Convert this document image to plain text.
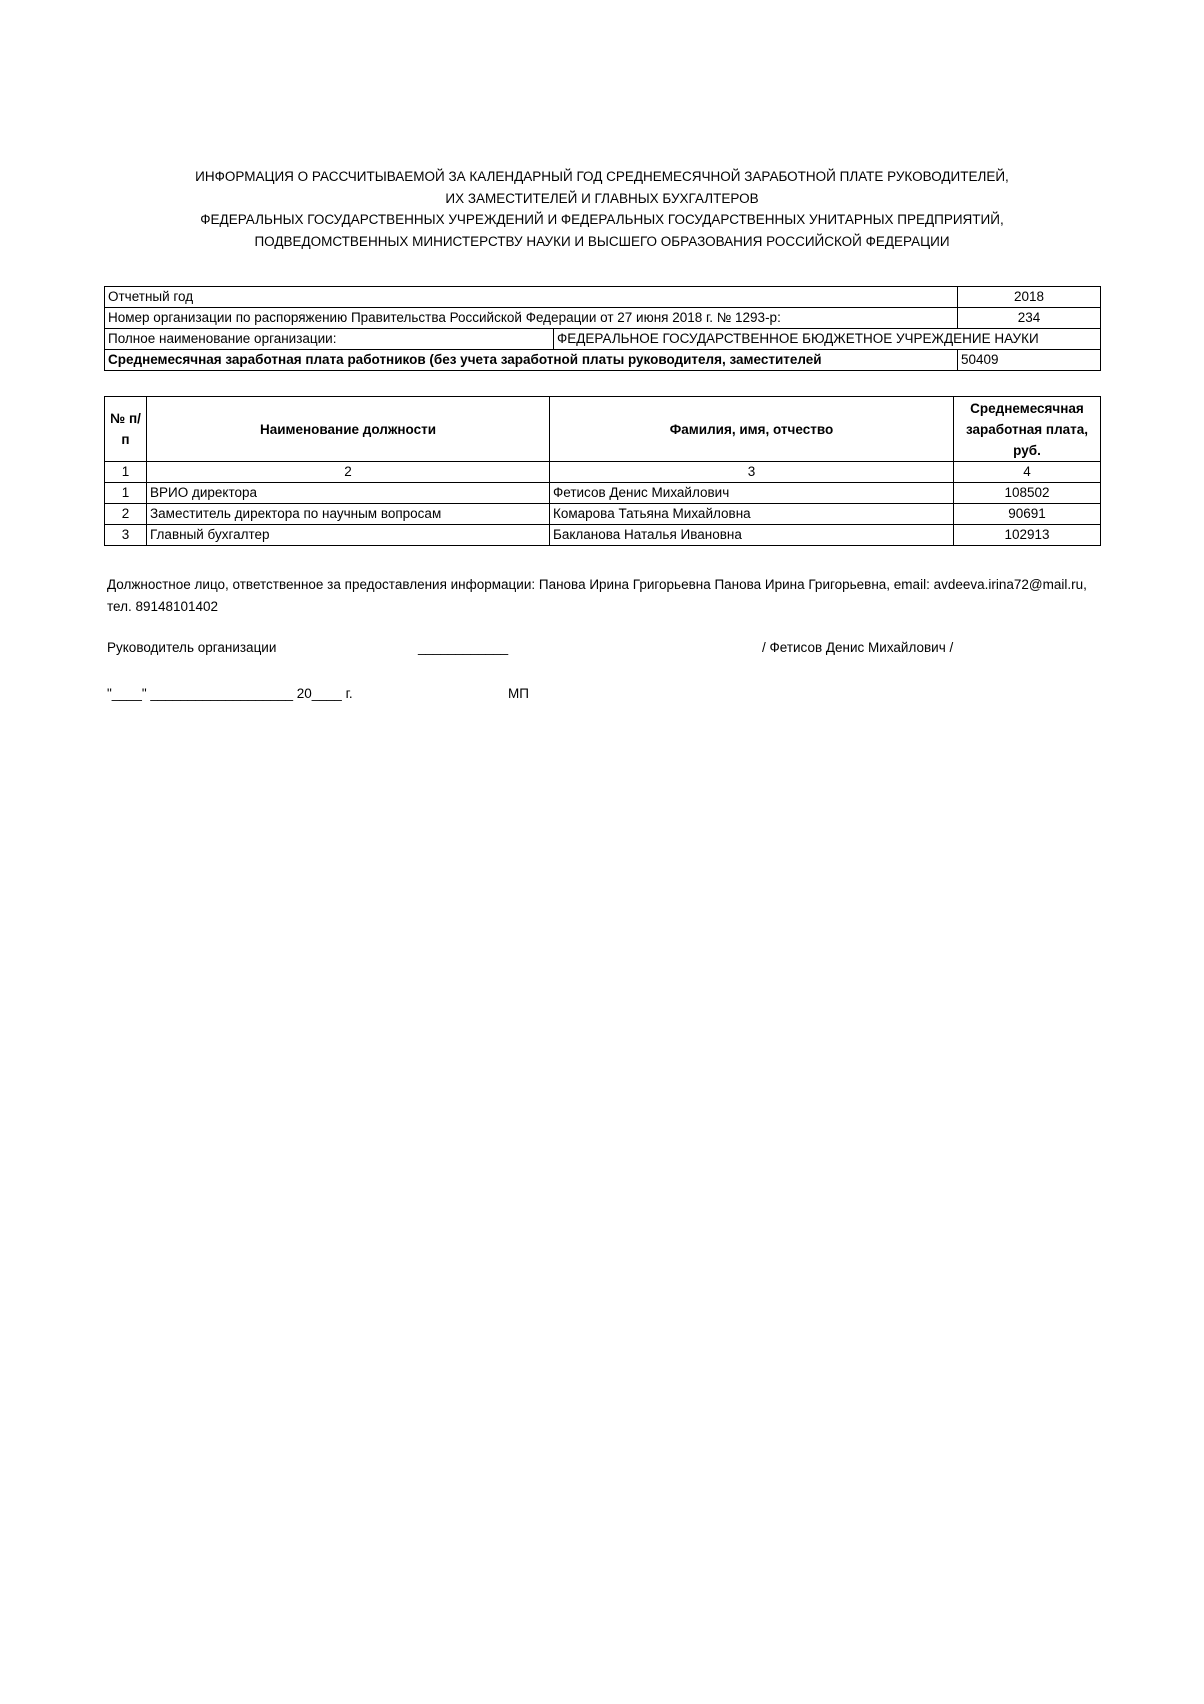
ИНФОРМАЦИЯ О РАССЧИТЫВАЕМОЙ ЗА КАЛЕНДАРНЫЙ ГОД СРЕДНЕМЕСЯЧНОЙ ЗАРАБОТНОЙ ПЛАТЕ РУКОВОДИТЕЛЕЙ,
ИХ ЗАМЕСТИТЕЛЕЙ И ГЛАВНЫХ БУХГАЛТЕРОВ
ФЕДЕРАЛЬНЫХ ГОСУДАРСТВЕННЫХ УЧРЕЖДЕНИЙ И ФЕДЕРАЛЬНЫХ ГОСУДАРСТВЕННЫХ УНИТАРНЫХ ПРЕДПРИЯТИЙ,
ПОДВЕДОМСТВЕННЫХ МИНИСТЕРСТВУ НАУКИ И ВЫСШЕГО ОБРАЗОВАНИЯ РОССИЙСКОЙ ФЕДЕРАЦИИ
Отчетный год		2018
Номер организации по распоряжению Правительства Российской Федерации от 27 июня 2018 г. № 1293-р:		234
Полное наименование организации:	ФЕДЕРАЛЬНОЕ ГОСУДАРСТВЕННОЕ БЮДЖЕТНОЕ УЧРЕЖДЕНИЕ НАУКИ	
Среднемесячная заработная плата работников (без учета заработной платы руководителя, заместителей		50409
№ п/п	Наименование должности	Фамилия, имя, отчество	Среднемесячная заработная плата, руб.
1	2	3	4
1	ВРИО директора	Фетисов Денис Михайлович	108502
2	Заместитель директора по научным вопросам	Комарова Татьяна Михайловна	90691
3	Главный бухгалтер	Бакланова Наталья Ивановна	102913
Должностное лицо, ответственное за предоставления информации: Панова Ирина Григорьевна Панова Ирина Григорьевна, email: avdeeva.irina72@mail.ru, тел. 89148101402
Руководитель организации	____________	/ Фетисов Денис Михайлович /
"____" ___________________ 20____ г.	МП
